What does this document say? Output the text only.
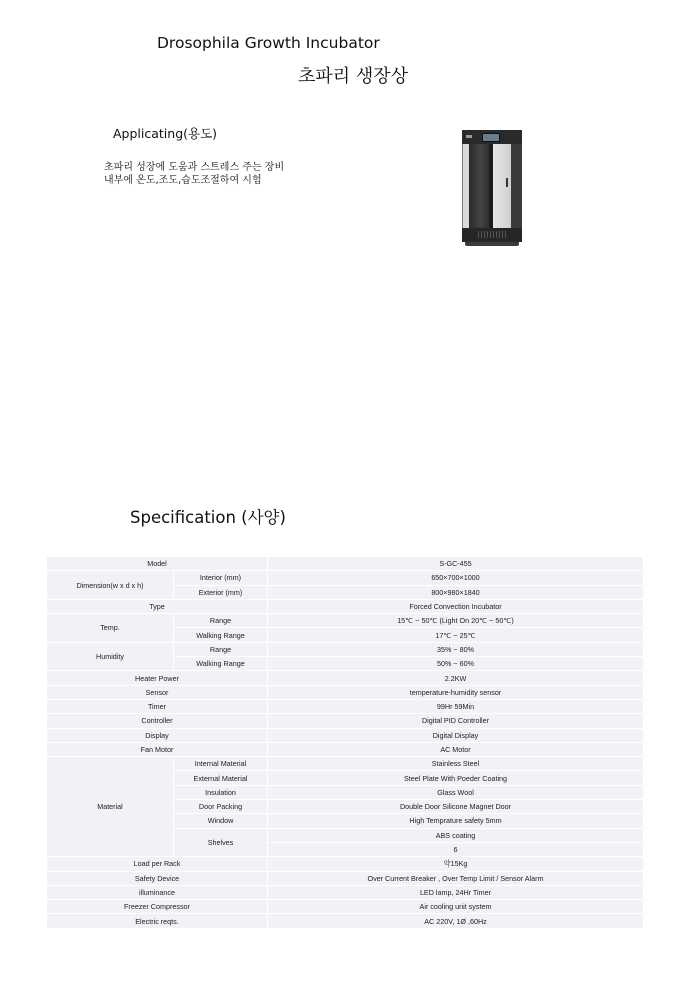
Drosophila Growth Incubator
초파리 생장상
Applicating(용도)
초파리 성장에 도움과 스트레스 주는 장비
내부에 온도,조도,습도조절하여 시험
Specification (사양)
Model		S-GC-455
Dimension(w x d x h)	Interior (mm)	650×700×1000
	Exterior (mm)	800×980×1840
Type		Forced Convection Incubator
Temp.	Range	15℃ ~ 50℃ (Light On 20℃ ~ 50℃)
	Walking Range	17℃ ~ 25℃
Humidity	Range	35% ~ 80%
	Walking Range	50% ~ 60%
Heater Power		2.2KW
Sensor		temperature-humidity sensor
Timer		99Hr 59Min
Controller		Digital PID Controller
Display		Digital Display
Fan Motor		AC Motor
Material	Internal Material	Stainless Steel
	External Material	Steel Plate With Poeder Coating
	Insulation	Glass Wool
	Door Packing	Double Door Silicone Magnet Door
	Window	High Temprature safety 5mm
	Shelves	ABS coating
		6
Load per Rack		약15Kg
Safety Device		Over Current Breaker , Over Temp Limit / Sensor Alarm
illuminance		LED lamp, 24Hr Timer
Freezer Compressor		Air cooling unit system
Electric reqts.		AC 220V, 1Ø ,60Hz
